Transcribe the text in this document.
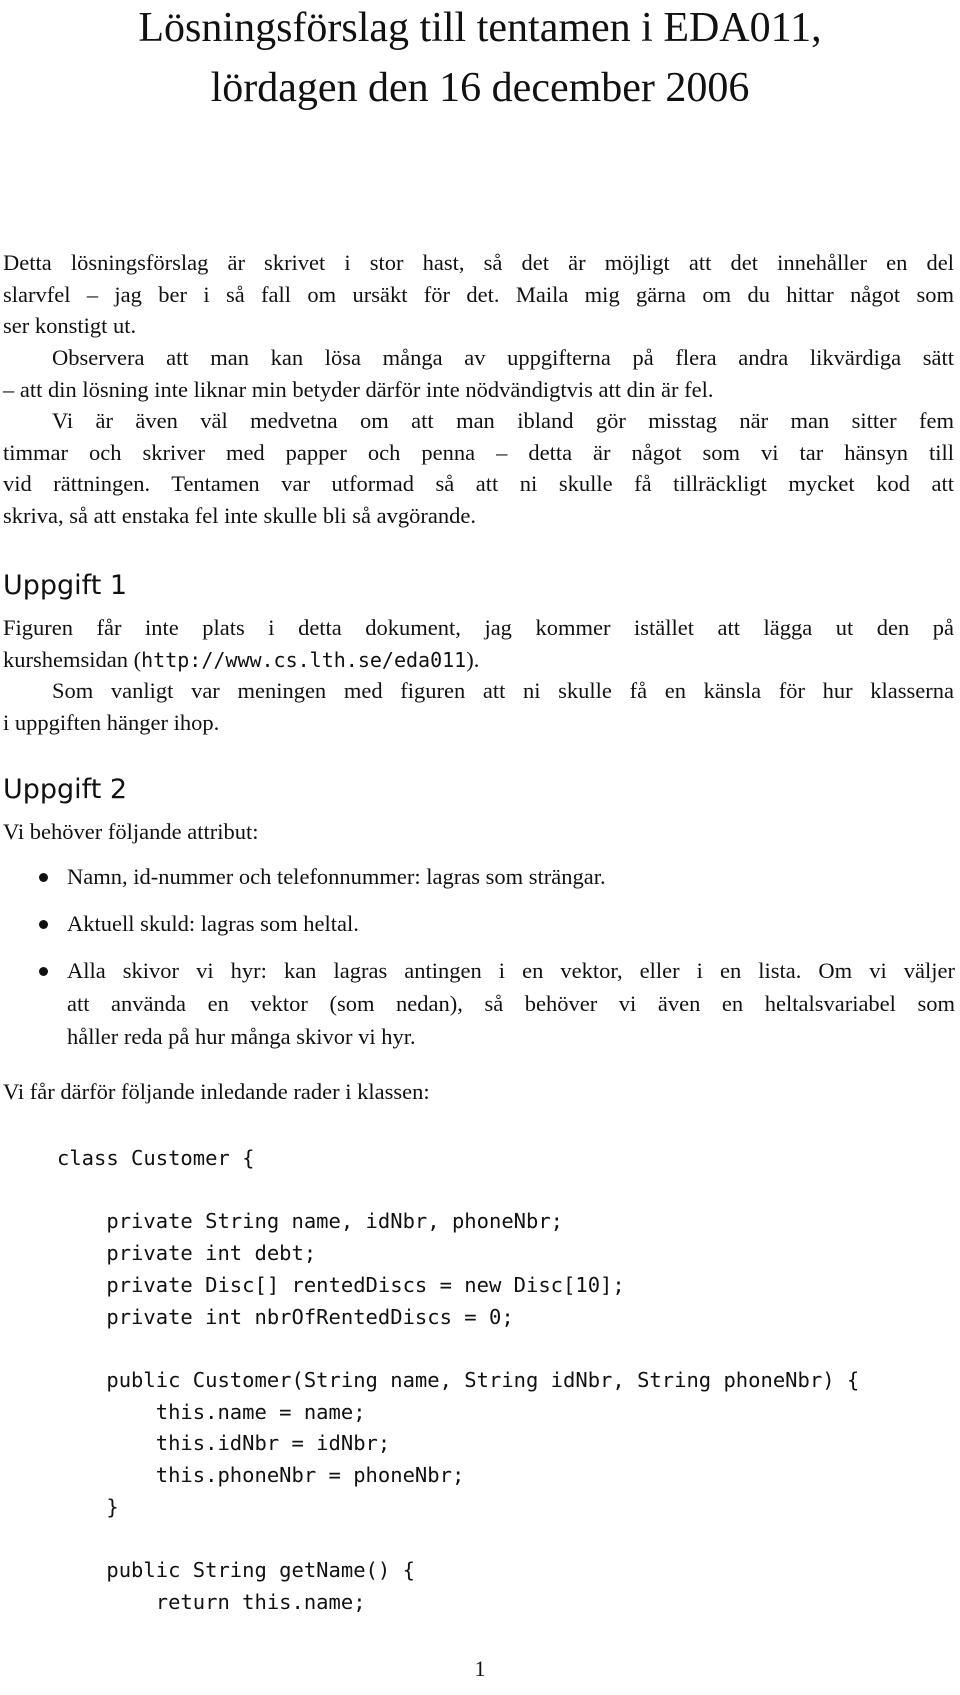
Lösningsförslag till tentamen i EDA011,
lördagen den 16 december 2006

Detta lösningsförslag är skrivet i stor hast, så det är möjligt att det innehåller en del
slarvfel – jag ber i så fall om ursäkt för det. Maila mig gärna om du hittar något som
ser konstigt ut.

Observera att man kan lösa många av uppgifterna på flera andra likvärdiga sätt
– att din lösning inte liknar min betyder därför inte nödvändigtvis att din är fel.

Vi är även väl medvetna om att man ibland gör misstag när man sitter fem
timmar och skriver med papper och penna – detta är något som vi tar hänsyn till
vid rättningen. Tentamen var utformad så att ni skulle få tillräckligt mycket kod att
skriva, så att enstaka fel inte skulle bli så avgörande.

Uppgift 1

Figuren får inte plats i detta dokument, jag kommer istället att lägga ut den på
kurshemsidan (http://www.cs.lth.se/eda011).

Som vanligt var meningen med figuren att ni skulle få en känsla för hur klasserna
i uppgiften hänger ihop.

Uppgift 2

Vi behöver följande attribut:

Namn, id-nummer och telefonnummer: lagras som strängar.
Aktuell skuld: lagras som heltal.
Alla skivor vi hyr: kan lagras antingen i en vektor, eller i en lista. Om vi väljer
att använda en vektor (som nedan), så behöver vi även en heltalsvariabel som
håller reda på hur många skivor vi hyr.

Vi får därför följande inledande rader i klassen:

class Customer {
private String name, idNbr, phoneNbr;
private int debt;
private Disc[] rentedDiscs = new Disc[10];
private int nbrOfRentedDiscs = 0;
public Customer(String name, String idNbr, String phoneNbr) {
this.name = name;
this.idNbr = idNbr;
this.phoneNbr = phoneNbr;
}
public String getName() {
return this.name;
1
